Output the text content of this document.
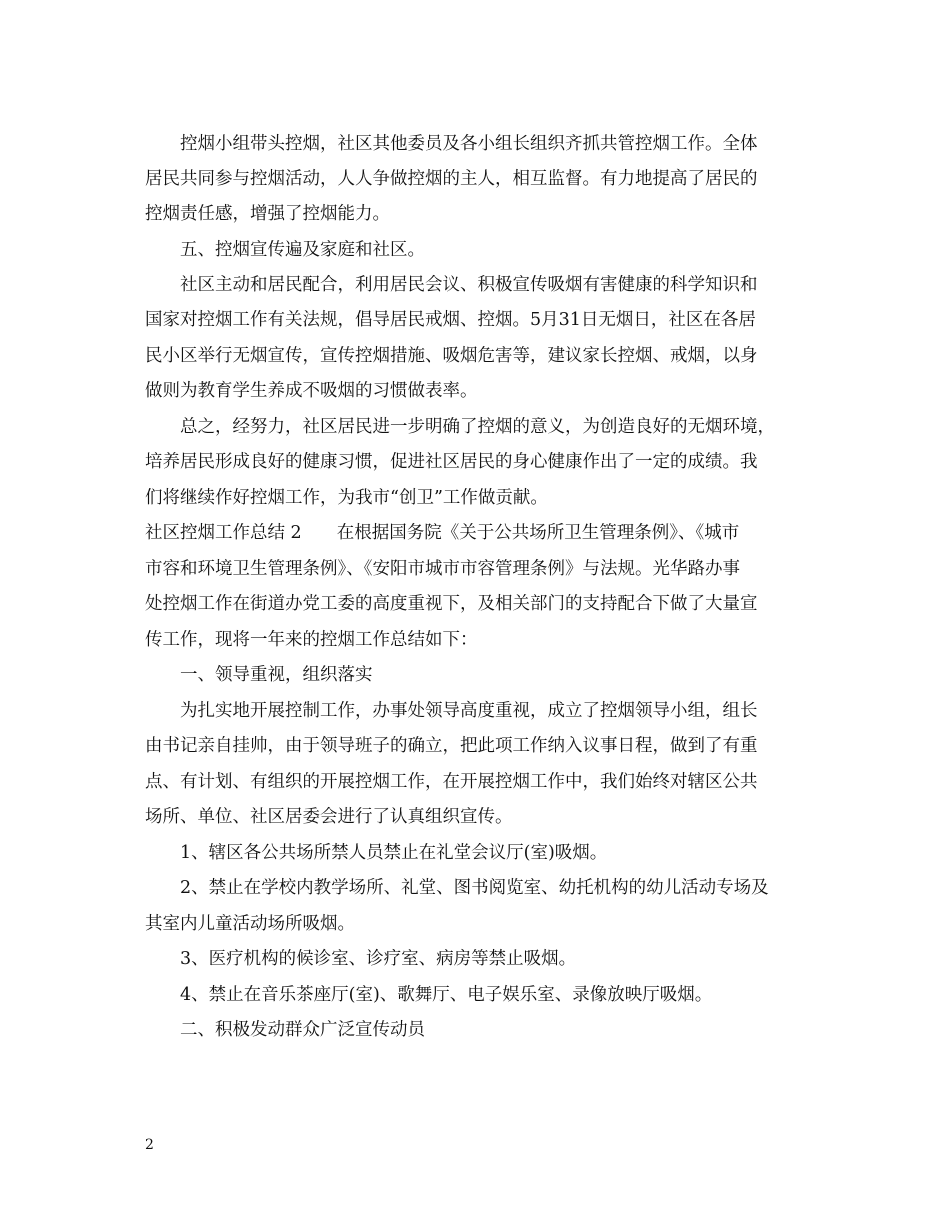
控烟小组带头控烟，社区其他委员及各小组长组织齐抓共管控烟工作。全体
居民共同参与控烟活动，人人争做控烟的主人，相互监督。有力地提高了居民的
控烟责任感，增强了控烟能力。
五、控烟宣传遍及家庭和社区。
社区主动和居民配合，利用居民会议、积极宣传吸烟有害健康的科学知识和
国家对控烟工作有关法规，倡导居民戒烟、控烟。5月31日无烟日，社区在各居
民小区举行无烟宣传，宣传控烟措施、吸烟危害等，建议家长控烟、戒烟，以身
做则为教育学生养成不吸烟的习惯做表率。
总之，经努力，社区居民进一步明确了控烟的意义，为创造良好的无烟环境，
培养居民形成良好的健康习惯，促进社区居民的身心健康作出了一定的成绩。我
们将继续作好控烟工作，为我市“创卫”工作做贡献。
社区控烟工作总结 2　　在根据国务院《关于公共场所卫生管理条例》、《城市
市容和环境卫生管理条例》、《安阳市城市市容管理条例》与法规。光华路办事
处控烟工作在街道办党工委的高度重视下，及相关部门的支持配合下做了大量宣
传工作，现将一年来的控烟工作总结如下：
一、领导重视，组织落实
为扎实地开展控制工作，办事处领导高度重视，成立了控烟领导小组，组长
由书记亲自挂帅，由于领导班子的确立，把此项工作纳入议事日程，做到了有重
点、有计划、有组织的开展控烟工作，在开展控烟工作中，我们始终对辖区公共
场所、单位、社区居委会进行了认真组织宣传。
1、辖区各公共场所禁人员禁止在礼堂会议厅(室)吸烟。
2、禁止在学校内教学场所、礼堂、图书阅览室、幼托机构的幼儿活动专场及
其室内儿童活动场所吸烟。
3、医疗机构的候诊室、诊疗室、病房等禁止吸烟。
4、禁止在音乐茶座厅(室)、歌舞厅、电子娱乐室、录像放映厅吸烟。
二、积极发动群众广泛宣传动员
2
